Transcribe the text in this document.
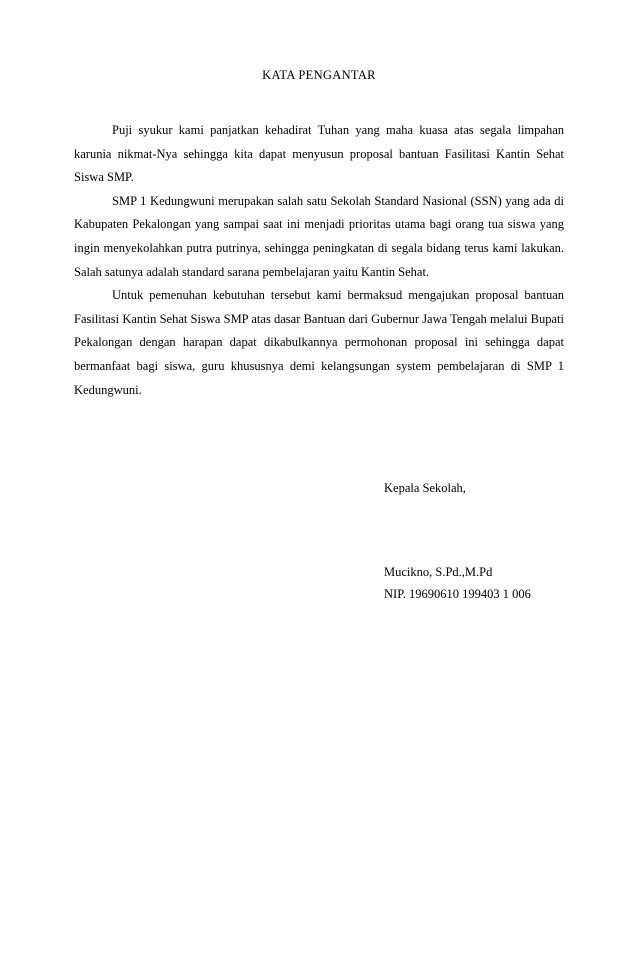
KATA PENGANTAR

Puji syukur kami panjatkan kehadirat Tuhan yang maha kuasa atas segala limpahan karunia nikmat-Nya sehingga kita dapat menyusun proposal bantuan Fasilitasi Kantin Sehat Siswa SMP.

SMP 1 Kedungwuni merupakan salah satu Sekolah Standard Nasional (SSN) yang ada di Kabupaten Pekalongan yang sampai saat ini menjadi prioritas utama bagi orang tua siswa yang ingin menyekolahkan putra putrinya, sehingga peningkatan di segala bidang terus kami lakukan. Salah satunya adalah standard sarana pembelajaran yaitu Kantin Sehat.

Untuk pemenuhan kebutuhan tersebut kami bermaksud mengajukan proposal bantuan Fasilitasi Kantin Sehat Siswa SMP atas dasar Bantuan dari Gubernur Jawa Tengah melalui Bupati Pekalongan dengan harapan dapat dikabulkannya permohonan proposal ini sehingga dapat bermanfaat bagi siswa, guru khususnya demi kelangsungan system pembelajaran di SMP 1 Kedungwuni.

Kepala Sekolah,

Mucikno, S.Pd.,M.Pd

NIP. 19690610 199403 1 006
